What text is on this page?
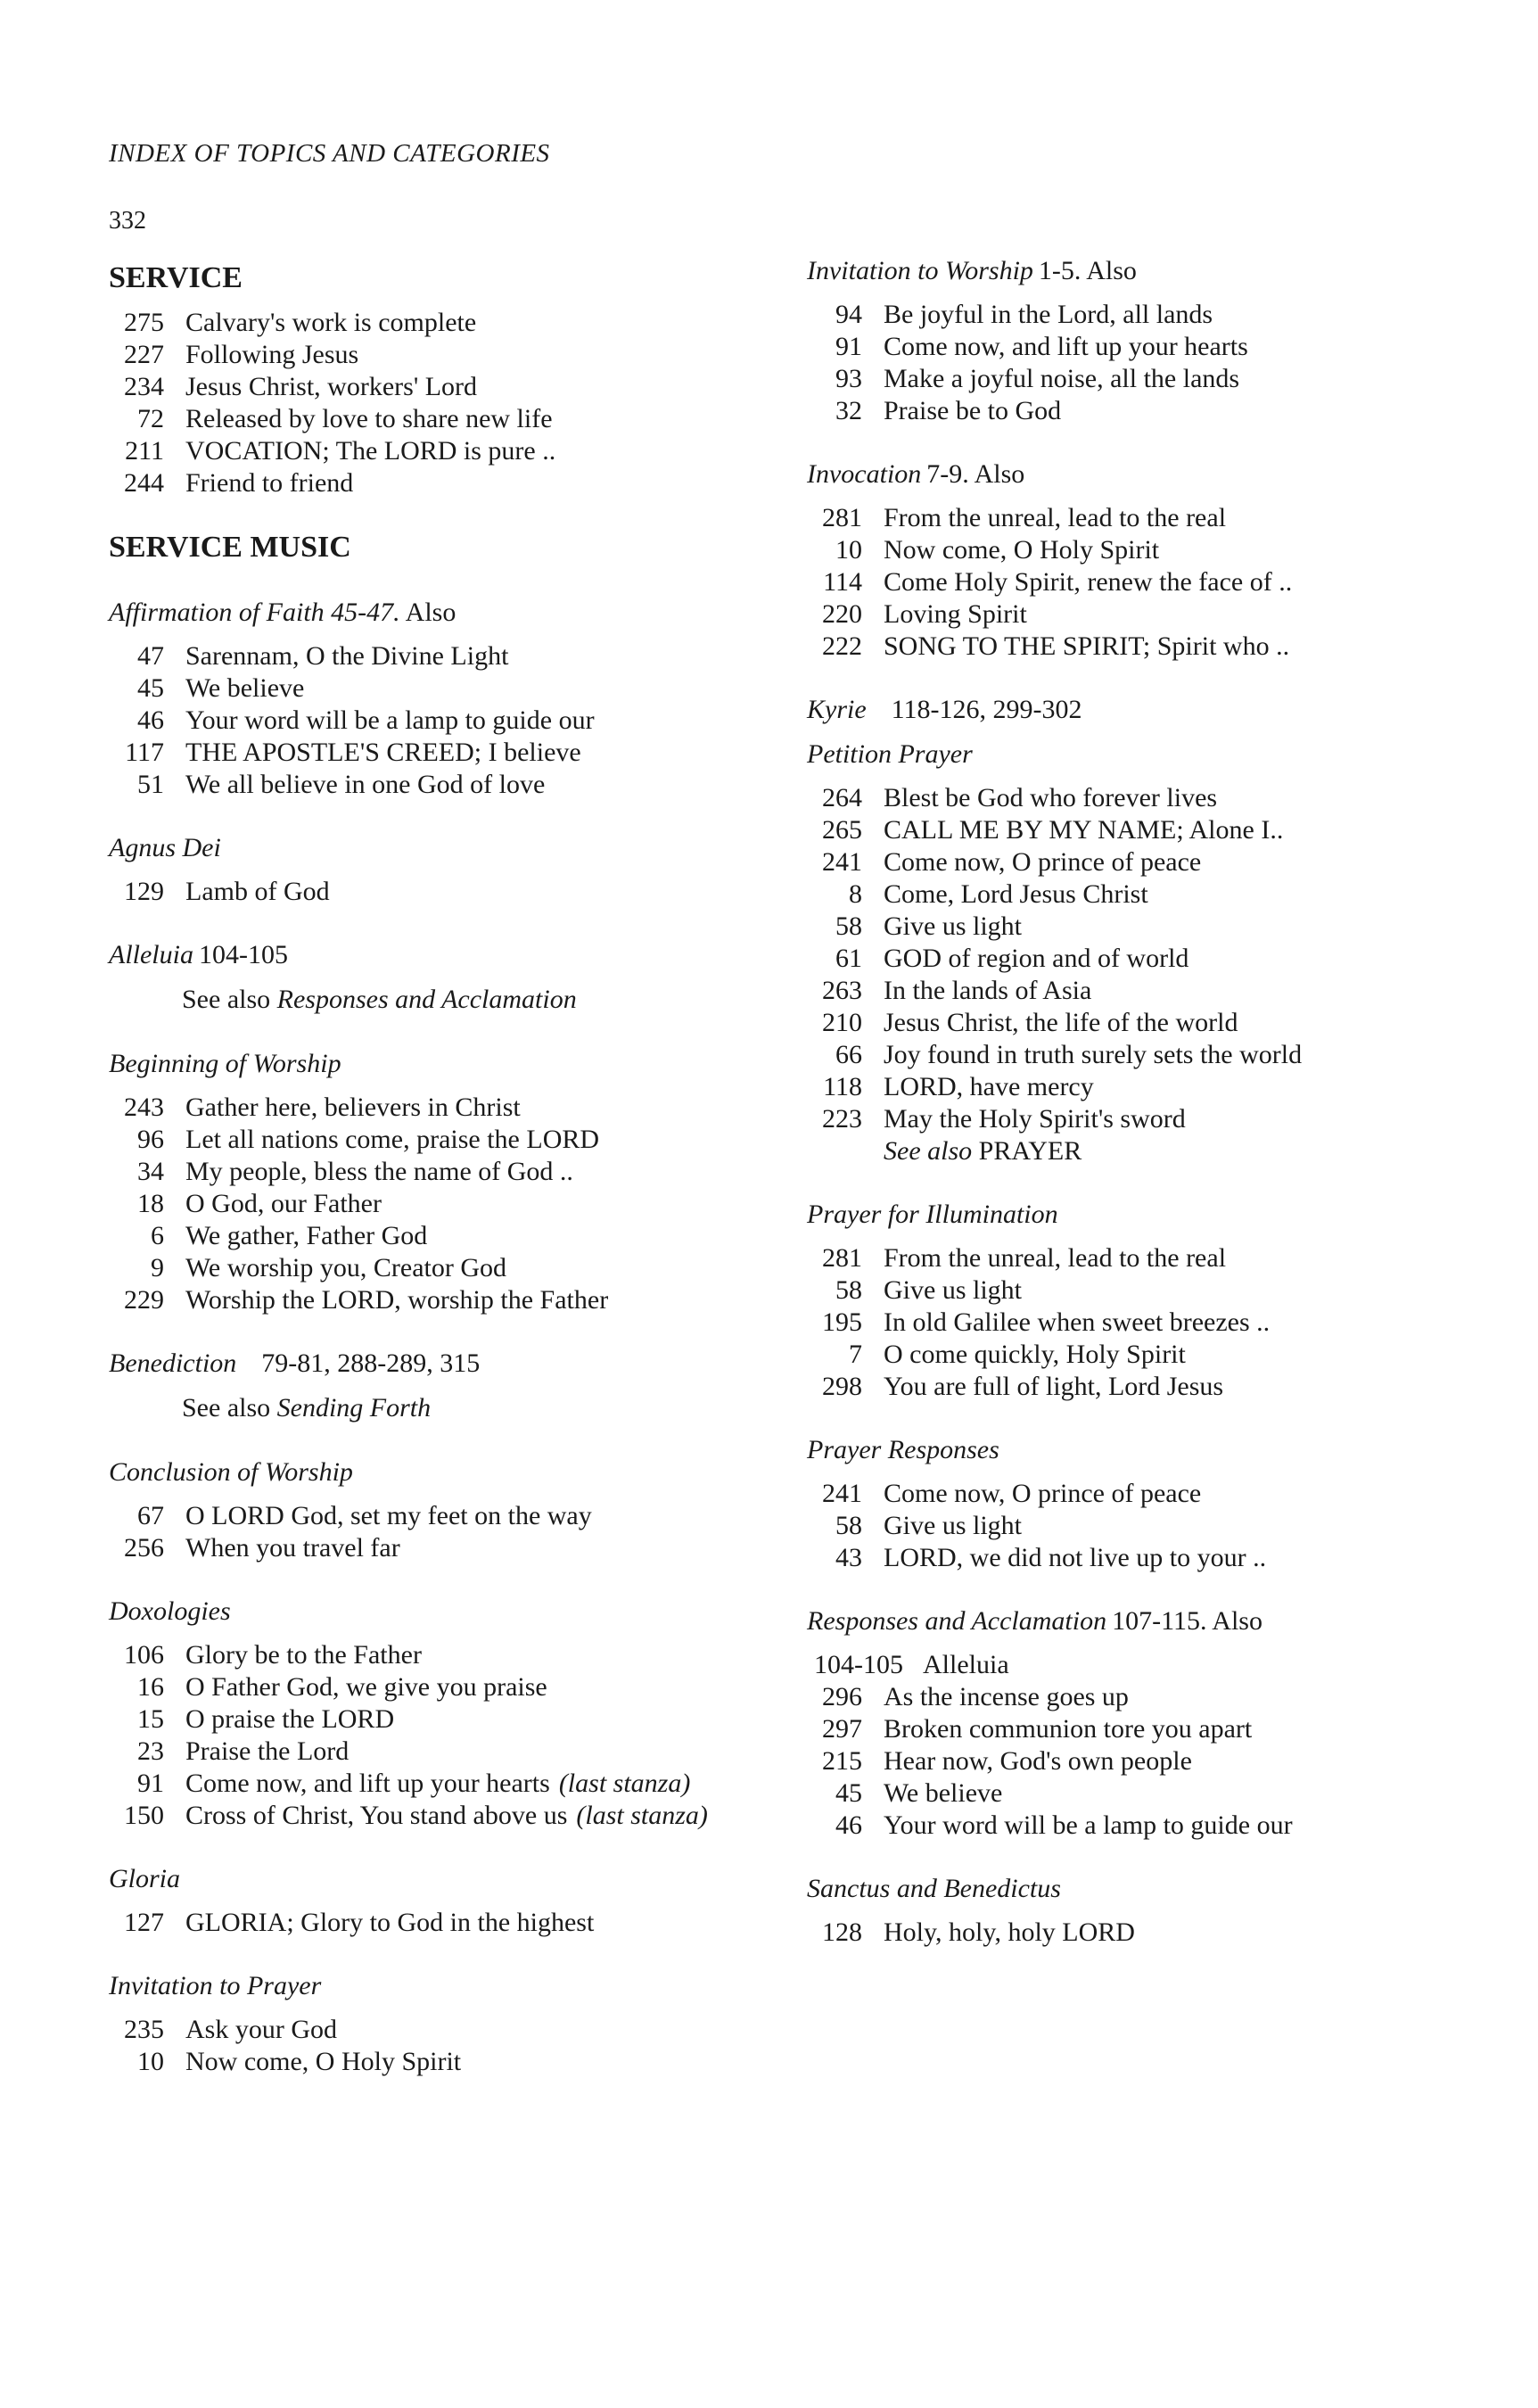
INDEX OF TOPICS AND CATEGORIES
332
SERVICE
275 Calvary's work is complete
227 Following Jesus
234 Jesus Christ, workers' Lord
72 Released by love to share new life
211 VOCATION; The LORD is pure ..
244 Friend to friend
SERVICE MUSIC
Affirmation of Faith 45-47. Also
47 Sarennam, O the Divine Light
45 We believe
46 Your word will be a lamp to guide our
117 THE APOSTLE'S CREED; I believe
51 We all believe in one God of love
Agnus Dei
129 Lamb of God
Alleluia 104-105
See also Responses and Acclamation
Beginning of Worship
243 Gather here, believers in Christ
96 Let all nations come, praise the LORD
34 My people, bless the name of God ..
18 O God, our Father
6 We gather, Father God
9 We worship you, Creator God
229 Worship the LORD, worship the Father
Benediction 79-81, 288-289, 315
See also Sending Forth
Conclusion of Worship
67 O LORD God, set my feet on the way
256 When you travel far
Doxologies
106 Glory be to the Father
16 O Father God, we give you praise
15 O praise the LORD
23 Praise the Lord
91 Come now, and lift up your hearts (last stanza)
150 Cross of Christ, You stand above us (last stanza)
Gloria
127 GLORIA; Glory to God in the highest
Invitation to Prayer
235 Ask your God
10 Now come, O Holy Spirit
Invitation to Worship 1-5. Also
94 Be joyful in the Lord, all lands
91 Come now, and lift up your hearts
93 Make a joyful noise, all the lands
32 Praise be to God
Invocation 7-9. Also
281 From the unreal, lead to the real
10 Now come, O Holy Spirit
114 Come Holy Spirit, renew the face of ..
220 Loving Spirit
222 SONG TO THE SPIRIT; Spirit who ..
Kyrie 118-126, 299-302
Petition Prayer
264 Blest be God who forever lives
265 CALL ME BY MY NAME; Alone I..
241 Come now, O prince of peace
8 Come, Lord Jesus Christ
58 Give us light
61 GOD of region and of world
263 In the lands of Asia
210 Jesus Christ, the life of the world
66 Joy found in truth surely sets the world
118 LORD, have mercy
223 May the Holy Spirit's sword
See also PRAYER
Prayer for Illumination
281 From the unreal, lead to the real
58 Give us light
195 In old Galilee when sweet breezes ..
7 O come quickly, Holy Spirit
298 You are full of light, Lord Jesus
Prayer Responses
241 Come now, O prince of peace
58 Give us light
43 LORD, we did not live up to your ..
Responses and Acclamation 107-115. Also
104-105 Alleluia
296 As the incense goes up
297 Broken communion tore you apart
215 Hear now, God's own people
45 We believe
46 Your word will be a lamp to guide our
Sanctus and Benedictus
128 Holy, holy, holy LORD
